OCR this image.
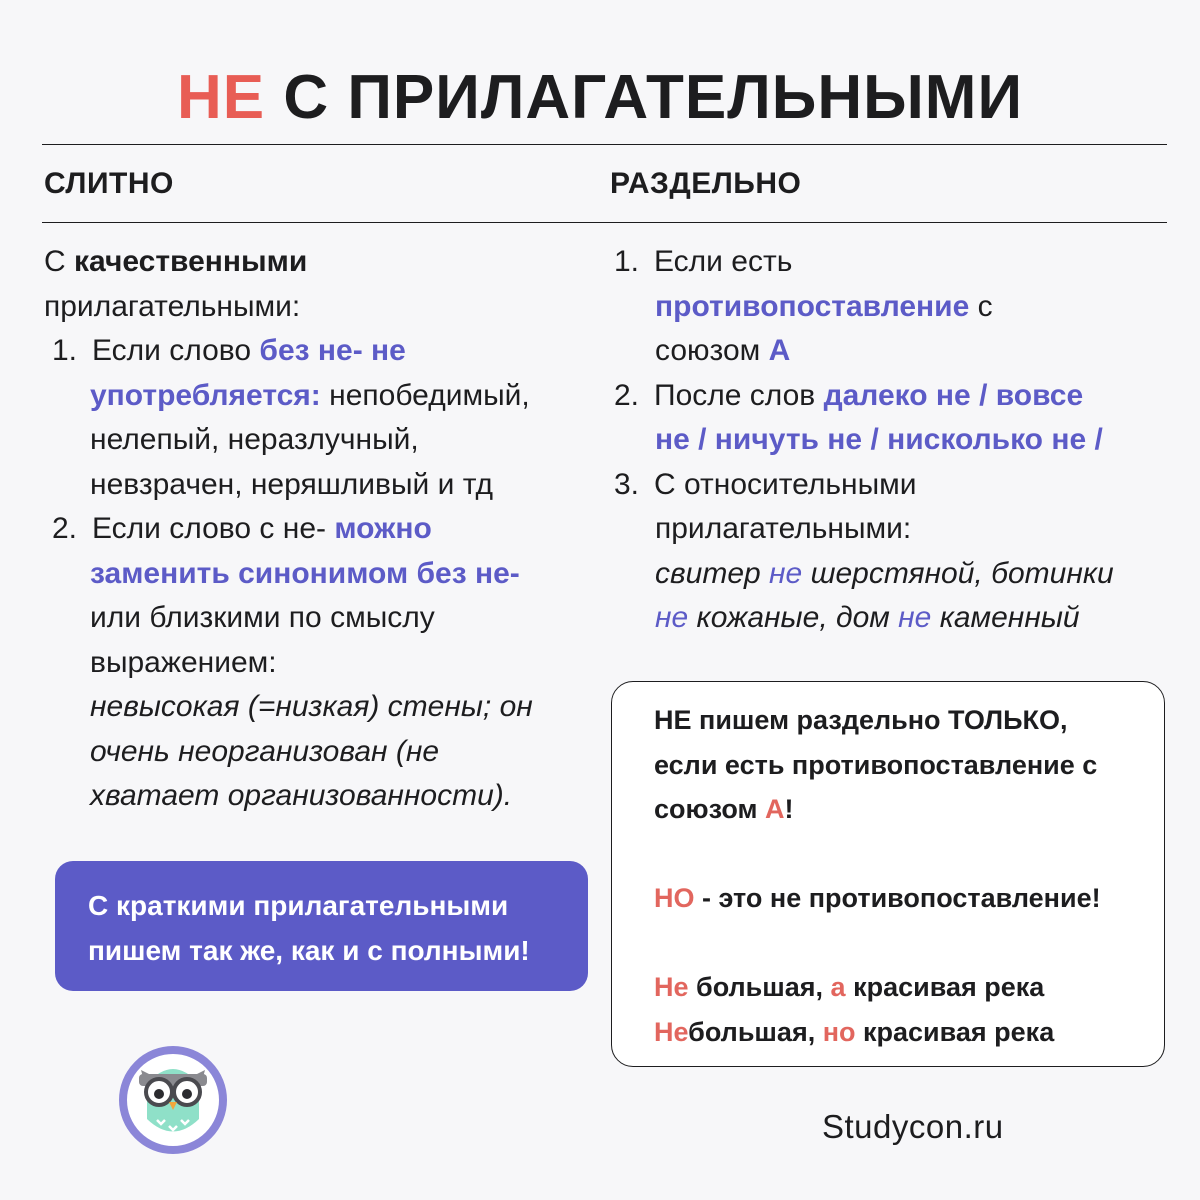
НЕ С ПРИЛАГАТЕЛЬНЫМИ
СЛИТНО	РАЗДЕЛЬНО
С качественными
прилагательными:
1. Если слово без не- не
употребляется: непобедимый,
нелепый, неразлучный,
невзрачен, неряшливый и тд
2. Если слово с не- можно
заменить синонимом без не-
или близкими по смыслу
выражением:
невысокая (=низкая) стены; он
очень неорганизован (не
хватает организованности).
1. Если есть
противопоставление с
союзом А
2. После слов далеко не / вовсе
не / ничуть не / нисколько не /
3. С относительными
прилагательными:
свитер не шерстяной, ботинки
не кожаные, дом не каменный
С краткими прилагательными
пишем так же, как и с полными!
НЕ пишем раздельно ТОЛЬКО,
если есть противопоставление с
союзом А!
НО - это не противопоставление!
Не большая, а красивая река
Небольшая, но красивая река
Studycon.ru
